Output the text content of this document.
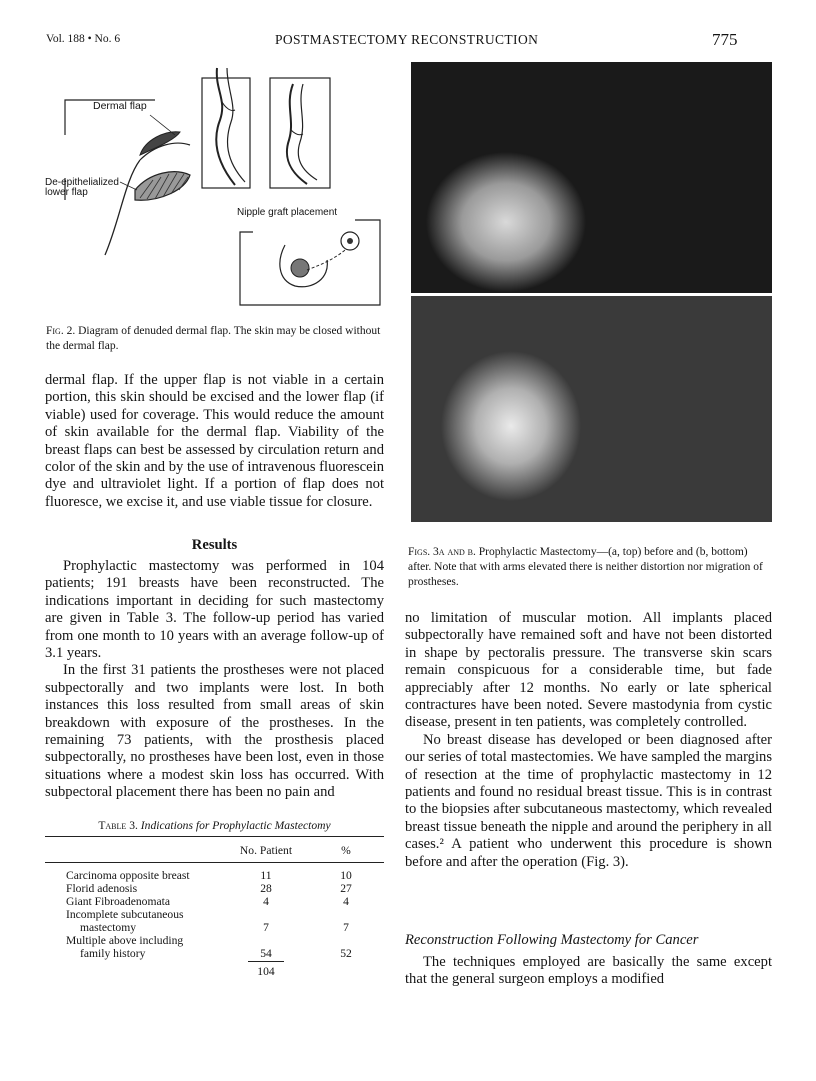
Vol. 188 • No. 6	POSTMASTECTOMY RECONSTRUCTION	775
Dermal flap
De-epithelialized
lower flap
Nipple graft placement
Fig. 2. Diagram of denuded dermal flap. The skin may be closed without the dermal flap.
Figs. 3a and b. Prophylactic Mastectomy—(a, top) before and (b, bottom) after. Note that with arms elevated there is neither distortion nor migration of prostheses.

dermal flap. If the upper flap is not viable in a certain portion, this skin should be excised and the lower flap (if viable) used for coverage. This would reduce the amount of skin available for the dermal flap. Viability of the breast flaps can best be assessed by circulation return and color of the skin and by the use of intravenous fluorescein dye and ultraviolet light. If a portion of flap does not fluoresce, we excise it, and use viable tissue for closure.

Results

Prophylactic mastectomy was performed in 104 patients; 191 breasts have been reconstructed. The indications important in deciding for such mastectomy are given in Table 3. The follow-up period has varied from one month to 10 years with an average follow-up of 3.1 years.

In the first 31 patients the prostheses were not placed subpectorally and two implants were lost. In both instances this loss resulted from small areas of skin breakdown with exposure of the prostheses. In the remaining 73 patients, with the prosthesis placed subpectorally, no prostheses have been lost, even in those situations where a modest skin loss has occurred. With subpectoral placement there has been no pain and

Table 3. Indications for Prophylactic Mastectomy
	No. Patient	%
Carcinoma opposite breast	11	10
Florid adenosis	28	27
Giant Fibroadenomata	4	4
Incomplete subcutaneous		
mastectomy	7	7
Multiple above including		
family history	54	52
104

no limitation of muscular motion. All implants placed subpectorally have remained soft and have not been distorted in shape by pectoralis pressure. The transverse skin scars remain conspicuous for a considerable time, but fade appreciably after 12 months. No early or late spherical contractures have been noted. Severe mastodynia from cystic disease, present in ten patients, was completely controlled.

No breast disease has developed or been diagnosed after our series of total mastectomies. We have sampled the margins of resection at the time of prophylactic mastectomy in 12 patients and found no residual breast tissue. This is in contrast to the biopsies after subcutaneous mastectomy, which revealed breast tissue beneath the nipple and around the periphery in all cases.² A patient who underwent this procedure is shown before and after the operation (Fig. 3).

Reconstruction Following Mastectomy for Cancer

The techniques employed are basically the same except that the general surgeon employs a modified
